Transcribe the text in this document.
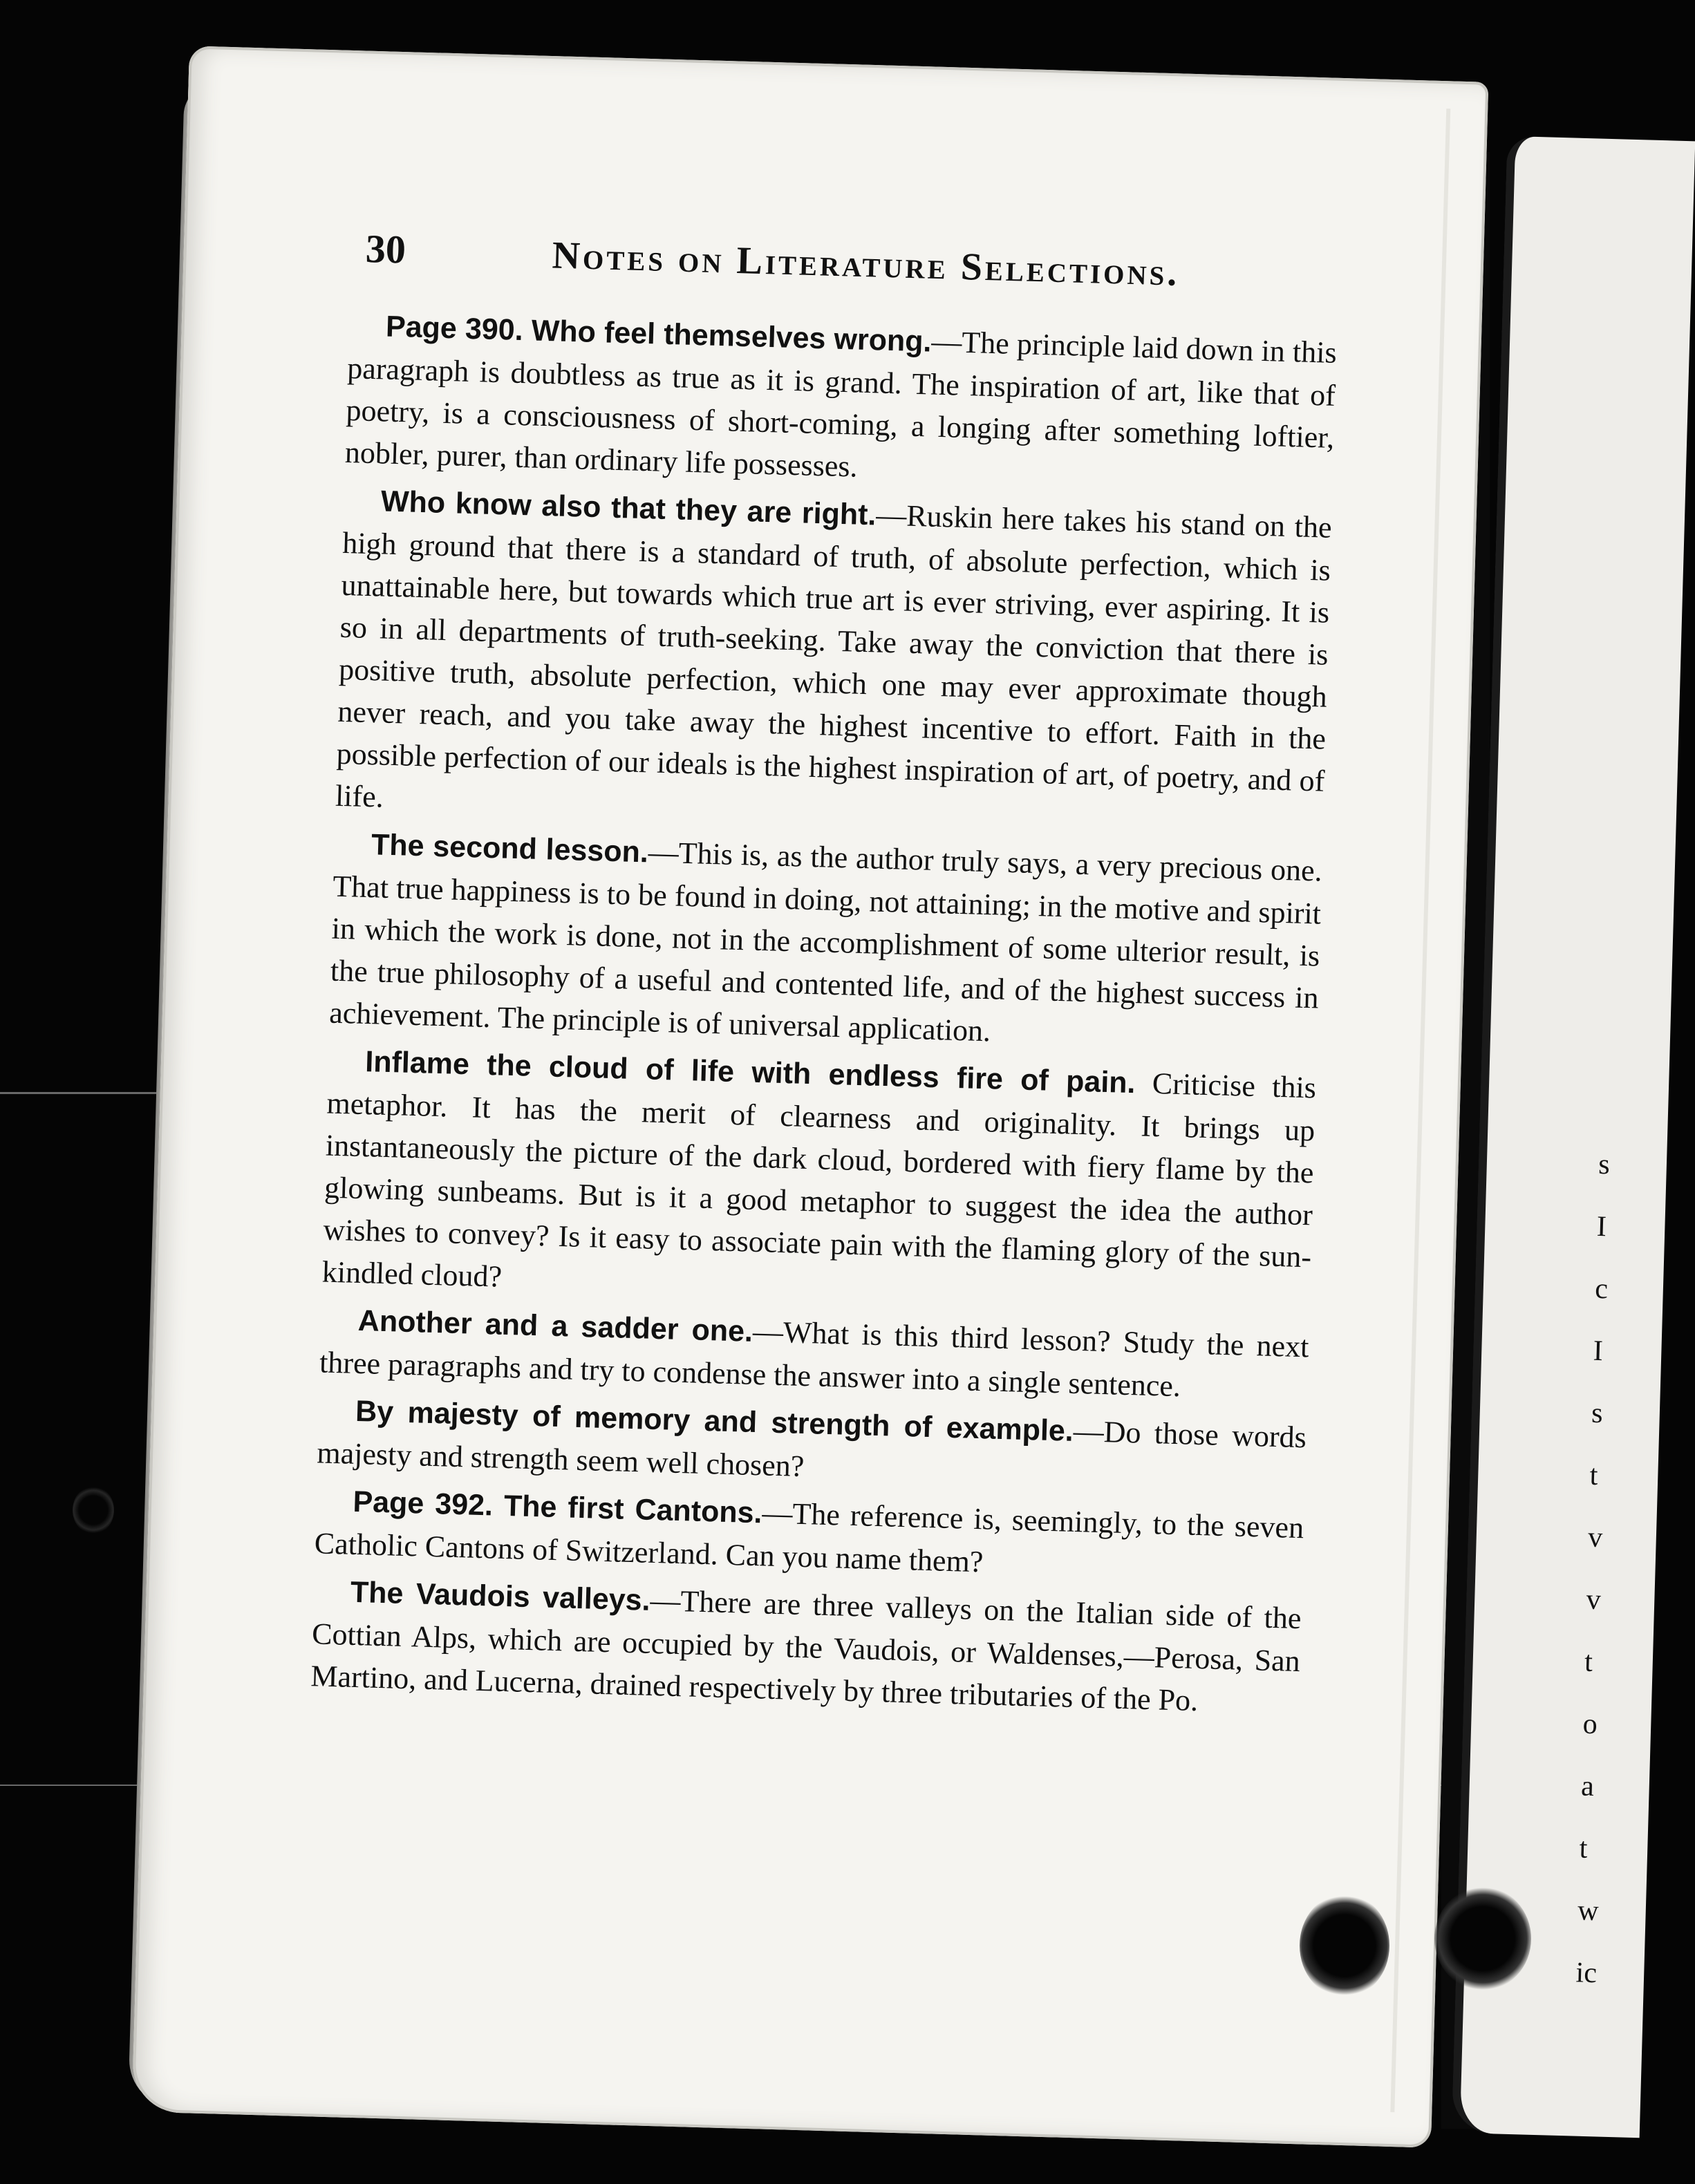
30	Notes on Literature Selections.

Page 390. Who feel themselves wrong.—The principle laid down in this paragraph is doubtless as true as it is grand. The inspiration of art, like that of poetry, is a consciousness of short-coming, a longing after something loftier, nobler, purer, than ordinary life possesses.

Who know also that they are right.—Ruskin here takes his stand on the high ground that there is a standard of truth, of absolute perfection, which is unattainable here, but towards which true art is ever striving, ever aspiring. It is so in all departments of truth-seeking. Take away the conviction that there is positive truth, absolute perfection, which one may ever approximate though never reach, and you take away the highest incentive to effort. Faith in the possible perfection of our ideals is the highest inspiration of art, of poetry, and of life.

The second lesson.—This is, as the author truly says, a very precious one. That true happiness is to be found in doing, not attaining; in the motive and spirit in which the work is done, not in the accomplishment of some ulterior result, is the true philosophy of a useful and contented life, and of the highest success in achievement. The principle is of universal application.

Inflame the cloud of life with endless fire of pain. Criticise this metaphor. It has the merit of clearness and originality. It brings up instantaneously the picture of the dark cloud, bordered with fiery flame by the glowing sunbeams. But is it a good metaphor to suggest the idea the author wishes to convey? Is it easy to associate pain with the flaming glory of the sun-kindled cloud?

Another and a sadder one.—What is this third lesson? Study the next three paragraphs and try to condense the answer into a single sentence.

By majesty of memory and strength of example.—Do those words majesty and strength seem well chosen?

Page 392. The first Cantons.—The reference is, seemingly, to the seven Catholic Cantons of Switzerland. Can you name them?

The Vaudois valleys.—There are three valleys on the Italian side of the Cottian Alps, which are occupied by the Vaudois, or Waldenses,—Perosa, San Martino, and Lucerna, drained respectively by three tributaries of the Po.

s
I
c
I
s
t
v
v
t
o
a
t
w
ic
